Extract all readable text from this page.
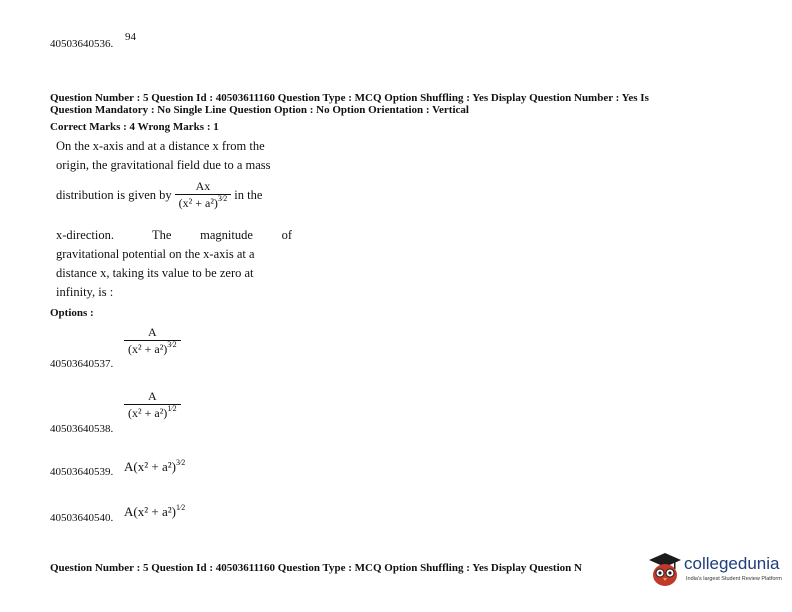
40503640536.
94
Question Number : 5 Question Id : 40503611160 Question Type : MCQ Option Shuffling : Yes Display Question Number : Yes Is
Question Mandatory : No Single Line Question Option : No Option Orientation : Vertical
Correct Marks : 4 Wrong Marks : 1
On the x-axis and at a distance x from the
origin, the gravitational field due to a mass
distribution is given by $\frac{Ax}{(x^2 + a^2)^{3⁄2}}$ in the
x-direction.    The   magnitude   of
gravitational potential on the x-axis at a
distance x, taking its value to be zero at
infinity, is :
Options :
40503640537.
$\frac{A}{(x^2 + a^2)^{3⁄2}}$
40503640538.
$\frac{A}{(x^2 + a^2)^{1⁄2}}$
40503640539. $A(x^2 + a^2)^{3⁄2}$
40503640540. $A(x^2 + a^2)^{1⁄2}$
Question Number : 5 Question Id : 40503611160 Question Type : MCQ Option Shuffling : Yes Display Question N	collegedunia
India's largest Student Review Platform
